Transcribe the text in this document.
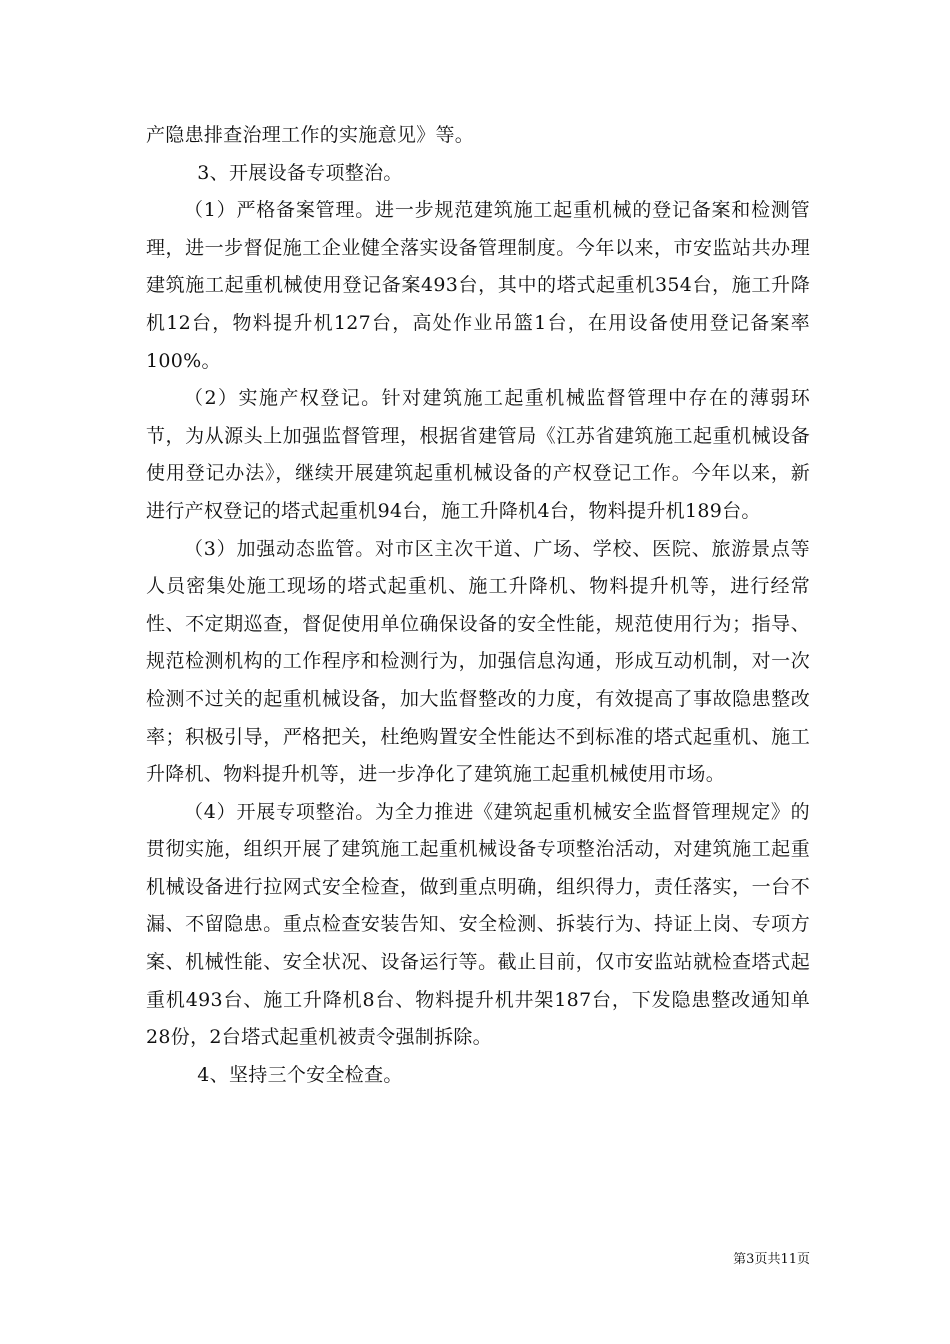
产隐患排查治理工作的实施意见》等。

3、开展设备专项整治。

（1）严格备案管理。进一步规范建筑施工起重机械的登记备案和检测管理，进一步督促施工企业健全落实设备管理制度。今年以来，市安监站共办理建筑施工起重机械使用登记备案493台，其中的塔式起重机354台，施工升降机12台，物料提升机127台，高处作业吊篮1台，在用设备使用登记备案率100%。

（2）实施产权登记。针对建筑施工起重机械监督管理中存在的薄弱环节，为从源头上加强监督管理，根据省建管局《江苏省建筑施工起重机械设备使用登记办法》，继续开展建筑起重机械设备的产权登记工作。今年以来，新进行产权登记的塔式起重机94台，施工升降机4台，物料提升机189台。

（3）加强动态监管。对市区主次干道、广场、学校、医院、旅游景点等人员密集处施工现场的塔式起重机、施工升降机、物料提升机等，进行经常性、不定期巡查，督促使用单位确保设备的安全性能，规范使用行为；指导、规范检测机构的工作程序和检测行为，加强信息沟通，形成互动机制，对一次检测不过关的起重机械设备，加大监督整改的力度，有效提高了事故隐患整改率；积极引导，严格把关，杜绝购置安全性能达不到标准的塔式起重机、施工升降机、物料提升机等，进一步净化了建筑施工起重机械使用市场。

（4）开展专项整治。为全力推进《建筑起重机械安全监督管理规定》的贯彻实施，组织开展了建筑施工起重机械设备专项整治活动，对建筑施工起重机械设备进行拉网式安全检查，做到重点明确，组织得力，责任落实，一台不漏、不留隐患。重点检查安装告知、安全检测、拆装行为、持证上岗、专项方案、机械性能、安全状况、设备运行等。截止目前，仅市安监站就检查塔式起重机493台、施工升降机8台、物料提升机井架187台，下发隐患整改通知单28份，2台塔式起重机被责令强制拆除。

4、坚持三个安全检查。

第3页共11页
